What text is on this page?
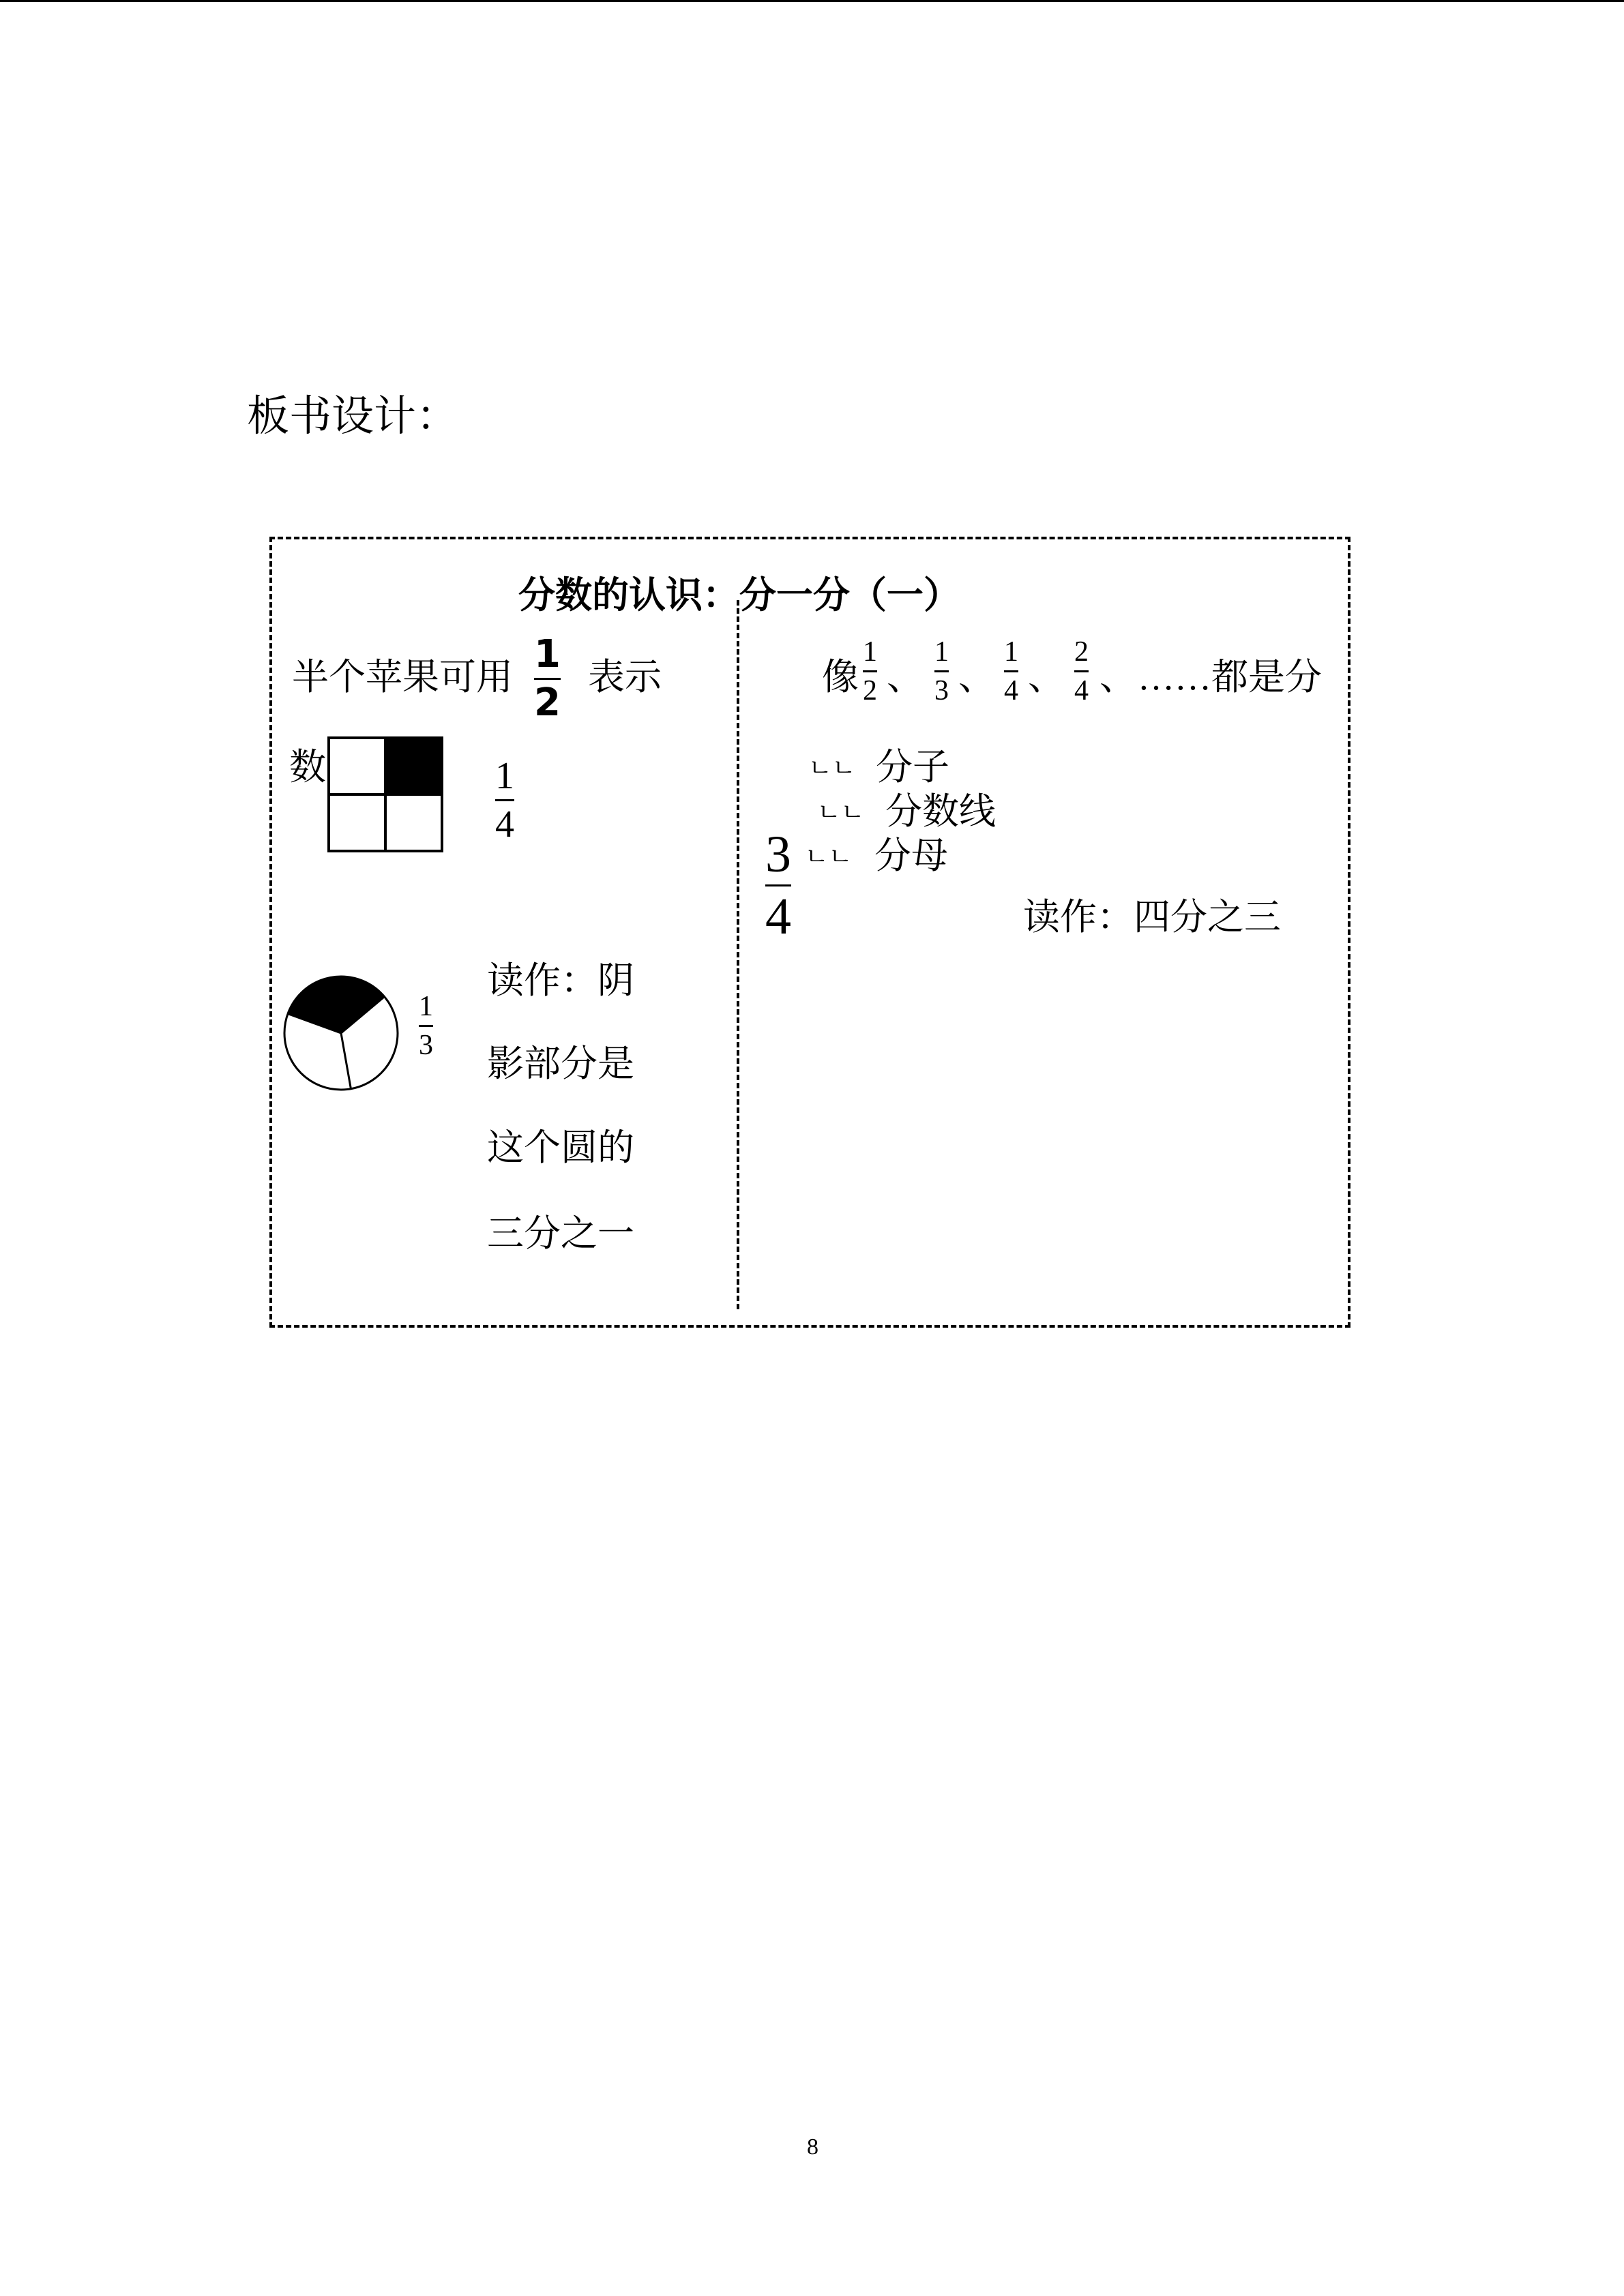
板书设计：
分数的认识：分一分（一）
半个苹果可用
1
2
表示
数	1
4
1
3
读作：阴
影部分是
这个圆的
三分之一
像
1
2 、
1
3 、
1
4 、
2
4 、 ……都是分
ㄴㄴ 分子
ㄴㄴ 分数线
ㄴㄴ 分母
3
4	读作：四分之三
8
